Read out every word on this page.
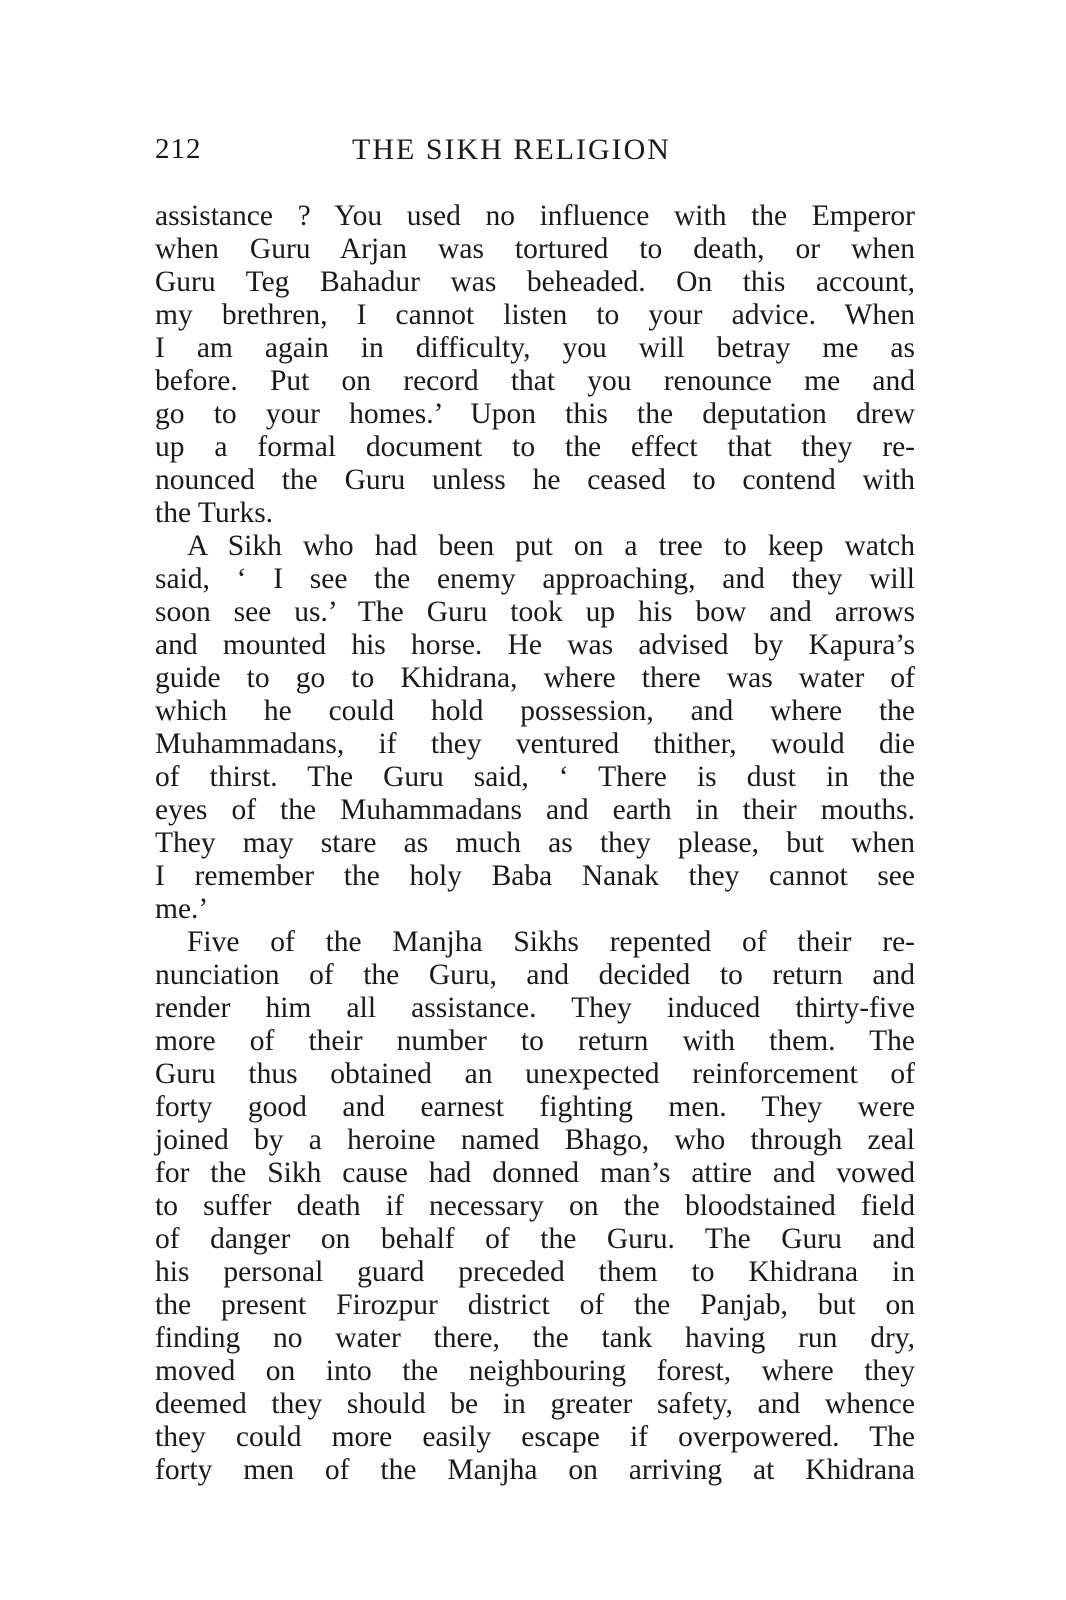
212	THE SIKH RELIGION
assistance ? You used no influence with the Emperor
when Guru Arjan was tortured to death, or when
Guru Teg Bahadur was beheaded. On this account,
my brethren, I cannot listen to your advice. When
I am again in difficulty, you will betray me as
before. Put on record that you renounce me and
go to your homes.’ Upon this the deputation drew
up a formal document to the effect that they re-
nounced the Guru unless he ceased to contend with
the Turks.
A Sikh who had been put on a tree to keep watch
said, ‘ I see the enemy approaching, and they will
soon see us.’ The Guru took up his bow and arrows
and mounted his horse. He was advised by Kapura’s
guide to go to Khidrana, where there was water of
which he could hold possession, and where the
Muhammadans, if they ventured thither, would die
of thirst. The Guru said, ‘ There is dust in the
eyes of the Muhammadans and earth in their mouths.
They may stare as much as they please, but when
I remember the holy Baba Nanak they cannot see
me.’
Five of the Manjha Sikhs repented of their re-
nunciation of the Guru, and decided to return and
render him all assistance. They induced thirty-five
more of their number to return with them. The
Guru thus obtained an unexpected reinforcement of
forty good and earnest fighting men. They were
joined by a heroine named Bhago, who through zeal
for the Sikh cause had donned man’s attire and vowed
to suffer death if necessary on the bloodstained field
of danger on behalf of the Guru. The Guru and
his personal guard preceded them to Khidrana in
the present Firozpur district of the Panjab, but on
finding no water there, the tank having run dry,
moved on into the neighbouring forest, where they
deemed they should be in greater safety, and whence
they could more easily escape if overpowered. The
forty men of the Manjha on arriving at Khidrana
